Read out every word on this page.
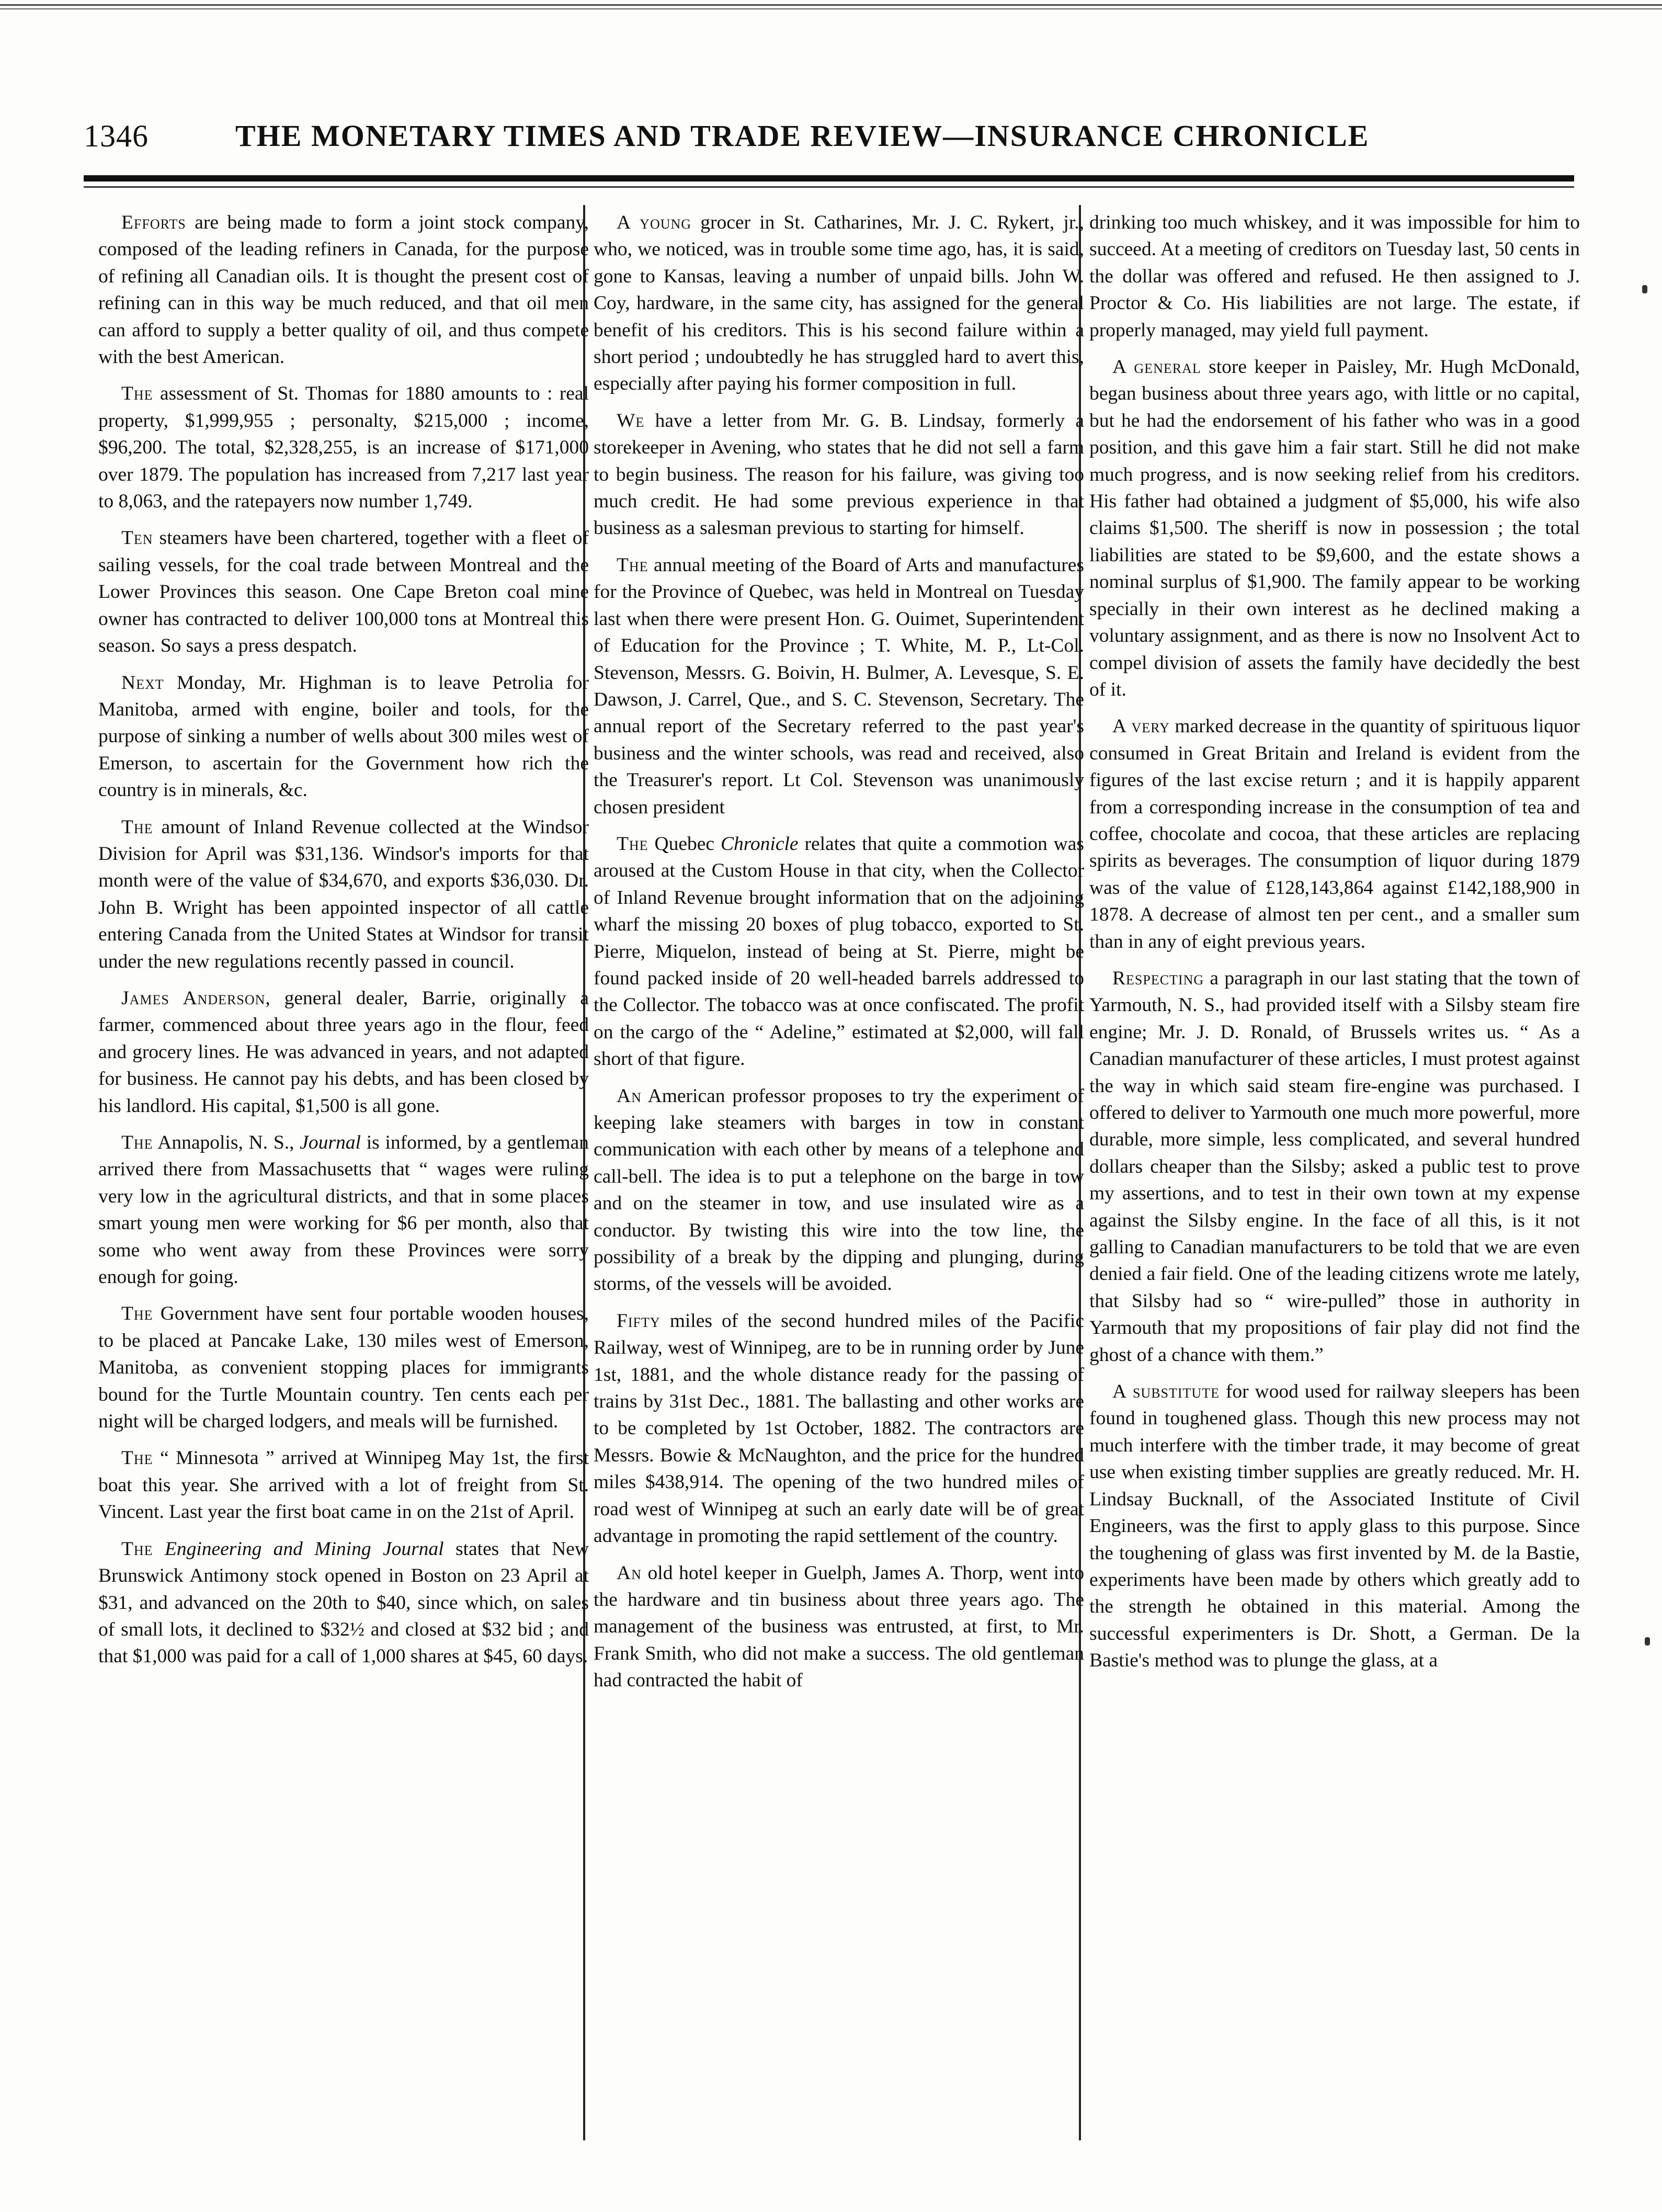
1346	THE MONETARY TIMES AND TRADE REVIEW—INSURANCE CHRONICLE

Efforts are being made to form a joint stock company, composed of the leading refiners in Canada, for the purpose of refining all Canadian oils. It is thought the present cost of refining can in this way be much reduced, and that oil men can afford to supply a better quality of oil, and thus compete with the best American.

The assessment of St. Thomas for 1880 amounts to : real property, $1,999,955 ; personalty, $215,000 ; income, $96,200. The total, $2,328,255, is an increase of $171,000 over 1879. The population has increased from 7,217 last year to 8,063, and the ratepayers now number 1,749.

Ten steamers have been chartered, together with a fleet of sailing vessels, for the coal trade between Montreal and the Lower Provinces this season. One Cape Breton coal mine owner has contracted to deliver 100,000 tons at Montreal this season. So says a press despatch.

Next Monday, Mr. Highman is to leave Petrolia for Manitoba, armed with engine, boiler and tools, for the purpose of sinking a number of wells about 300 miles west of Emerson, to ascertain for the Government how rich the country is in minerals, &c.

The amount of Inland Revenue collected at the Windsor Division for April was $31,136. Windsor's imports for that month were of the value of $34,670, and exports $36,030. Dr. John B. Wright has been appointed inspector of all cattle entering Canada from the United States at Windsor for transit under the new regulations recently passed in council.

James Anderson, general dealer, Barrie, originally a farmer, commenced about three years ago in the flour, feed and grocery lines. He was advanced in years, and not adapted for business. He cannot pay his debts, and has been closed by his landlord. His capital, $1,500 is all gone.

The Annapolis, N. S., Journal is informed, by a gentleman arrived there from Massachusetts that “ wages were ruling very low in the agricultural districts, and that in some places smart young men were working for $6 per month, also that some who went away from these Provinces were sorry enough for going.

The Government have sent four portable wooden houses, to be placed at Pancake Lake, 130 miles west of Emerson, Manitoba, as convenient stopping places for immigrants bound for the Turtle Mountain country. Ten cents each per night will be charged lodgers, and meals will be furnished.

The “ Minnesota ” arrived at Winnipeg May 1st, the first boat this year. She arrived with a lot of freight from St. Vincent. Last year the first boat came in on the 21st of April.

The Engineering and Mining Journal states that New Brunswick Antimony stock opened in Boston on 23 April at $31, and advanced on the 20th to $40, since which, on sales of small lots, it declined to $32½ and closed at $32 bid ; and that $1,000 was paid for a call of 1,000 shares at $45, 60 days.

A young grocer in St. Catharines, Mr. J. C. Rykert, jr., who, we noticed, was in trouble some time ago, has, it is said, gone to Kansas, leaving a number of unpaid bills. John W. Coy, hardware, in the same city, has assigned for the general benefit of his creditors. This is his second failure within a short period ; undoubtedly he has struggled hard to avert this, especially after paying his former composition in full.

We have a letter from Mr. G. B. Lindsay, formerly a storekeeper in Avening, who states that he did not sell a farm to begin business. The reason for his failure, was giving too much credit. He had some previous experience in that business as a salesman previous to starting for himself.

The annual meeting of the Board of Arts and manufactures for the Province of Quebec, was held in Montreal on Tuesday last when there were present Hon. G. Ouimet, Superintendent of Education for the Province ; T. White, M. P., Lt-Col. Stevenson, Messrs. G. Boivin, H. Bulmer, A. Levesque, S. E. Dawson, J. Carrel, Que., and S. C. Stevenson, Secretary. The annual report of the Secretary referred to the past year's business and the winter schools, was read and received, also the Treasurer's report. Lt Col. Stevenson was unanimously chosen president

The Quebec Chronicle relates that quite a commotion was aroused at the Custom House in that city, when the Collector of Inland Revenue brought information that on the adjoining wharf the missing 20 boxes of plug tobacco, exported to St. Pierre, Miquelon, instead of being at St. Pierre, might be found packed inside of 20 well-headed barrels addressed to the Collector. The tobacco was at once confiscated. The profit on the cargo of the “ Adeline,” estimated at $2,000, will fall short of that figure.

An American professor proposes to try the experiment of keeping lake steamers with barges in tow in constant communication with each other by means of a telephone and call-bell. The idea is to put a telephone on the barge in tow and on the steamer in tow, and use insulated wire as a conductor. By twisting this wire into the tow line, the possibility of a break by the dipping and plunging, during storms, of the vessels will be avoided.

Fifty miles of the second hundred miles of the Pacific Railway, west of Winnipeg, are to be in running order by June 1st, 1881, and the whole distance ready for the passing of trains by 31st Dec., 1881. The ballasting and other works are to be completed by 1st October, 1882. The contractors are Messrs. Bowie & McNaughton, and the price for the hundred miles $438,914. The opening of the two hundred miles of road west of Winnipeg at such an early date will be of great advantage in promoting the rapid settlement of the country.

An old hotel keeper in Guelph, James A. Thorp, went into the hardware and tin business about three years ago. The management of the business was entrusted, at first, to Mr. Frank Smith, who did not make a success. The old gentleman had contracted the habit of

drinking too much whiskey, and it was impossible for him to succeed. At a meeting of creditors on Tuesday last, 50 cents in the dollar was offered and refused. He then assigned to J. Proctor & Co. His liabilities are not large. The estate, if properly managed, may yield full payment.

A general store keeper in Paisley, Mr. Hugh McDonald, began business about three years ago, with little or no capital, but he had the endorsement of his father who was in a good position, and this gave him a fair start. Still he did not make much progress, and is now seeking relief from his creditors. His father had obtained a judgment of $5,000, his wife also claims $1,500. The sheriff is now in possession ; the total liabilities are stated to be $9,600, and the estate shows a nominal surplus of $1,900. The family appear to be working specially in their own interest as he declined making a voluntary assignment, and as there is now no Insolvent Act to compel division of assets the family have decidedly the best of it.

A very marked decrease in the quantity of spirituous liquor consumed in Great Britain and Ireland is evident from the figures of the last excise return ; and it is happily apparent from a corresponding increase in the consumption of tea and coffee, chocolate and cocoa, that these articles are replacing spirits as beverages. The consumption of liquor during 1879 was of the value of £128,143,864 against £142,188,900 in 1878. A decrease of almost ten per cent., and a smaller sum than in any of eight previous years.

Respecting a paragraph in our last stating that the town of Yarmouth, N. S., had provided itself with a Silsby steam fire engine; Mr. J. D. Ronald, of Brussels writes us. “ As a Canadian manufacturer of these articles, I must protest against the way in which said steam fire-engine was purchased. I offered to deliver to Yarmouth one much more powerful, more durable, more simple, less complicated, and several hundred dollars cheaper than the Silsby; asked a public test to prove my assertions, and to test in their own town at my expense against the Silsby engine. In the face of all this, is it not galling to Canadian manufacturers to be told that we are even denied a fair field. One of the leading citizens wrote me lately, that Silsby had so “ wire-pulled” those in authority in Yarmouth that my propositions of fair play did not find the ghost of a chance with them.”

A substitute for wood used for railway sleepers has been found in toughened glass. Though this new process may not much interfere with the timber trade, it may become of great use when existing timber supplies are greatly reduced. Mr. H. Lindsay Bucknall, of the Associated Institute of Civil Engineers, was the first to apply glass to this purpose. Since the toughening of glass was first invented by M. de la Bastie, experiments have been made by others which greatly add to the strength he obtained in this material. Among the successful experimenters is Dr. Shott, a German. De la Bastie's method was to plunge the glass, at a
